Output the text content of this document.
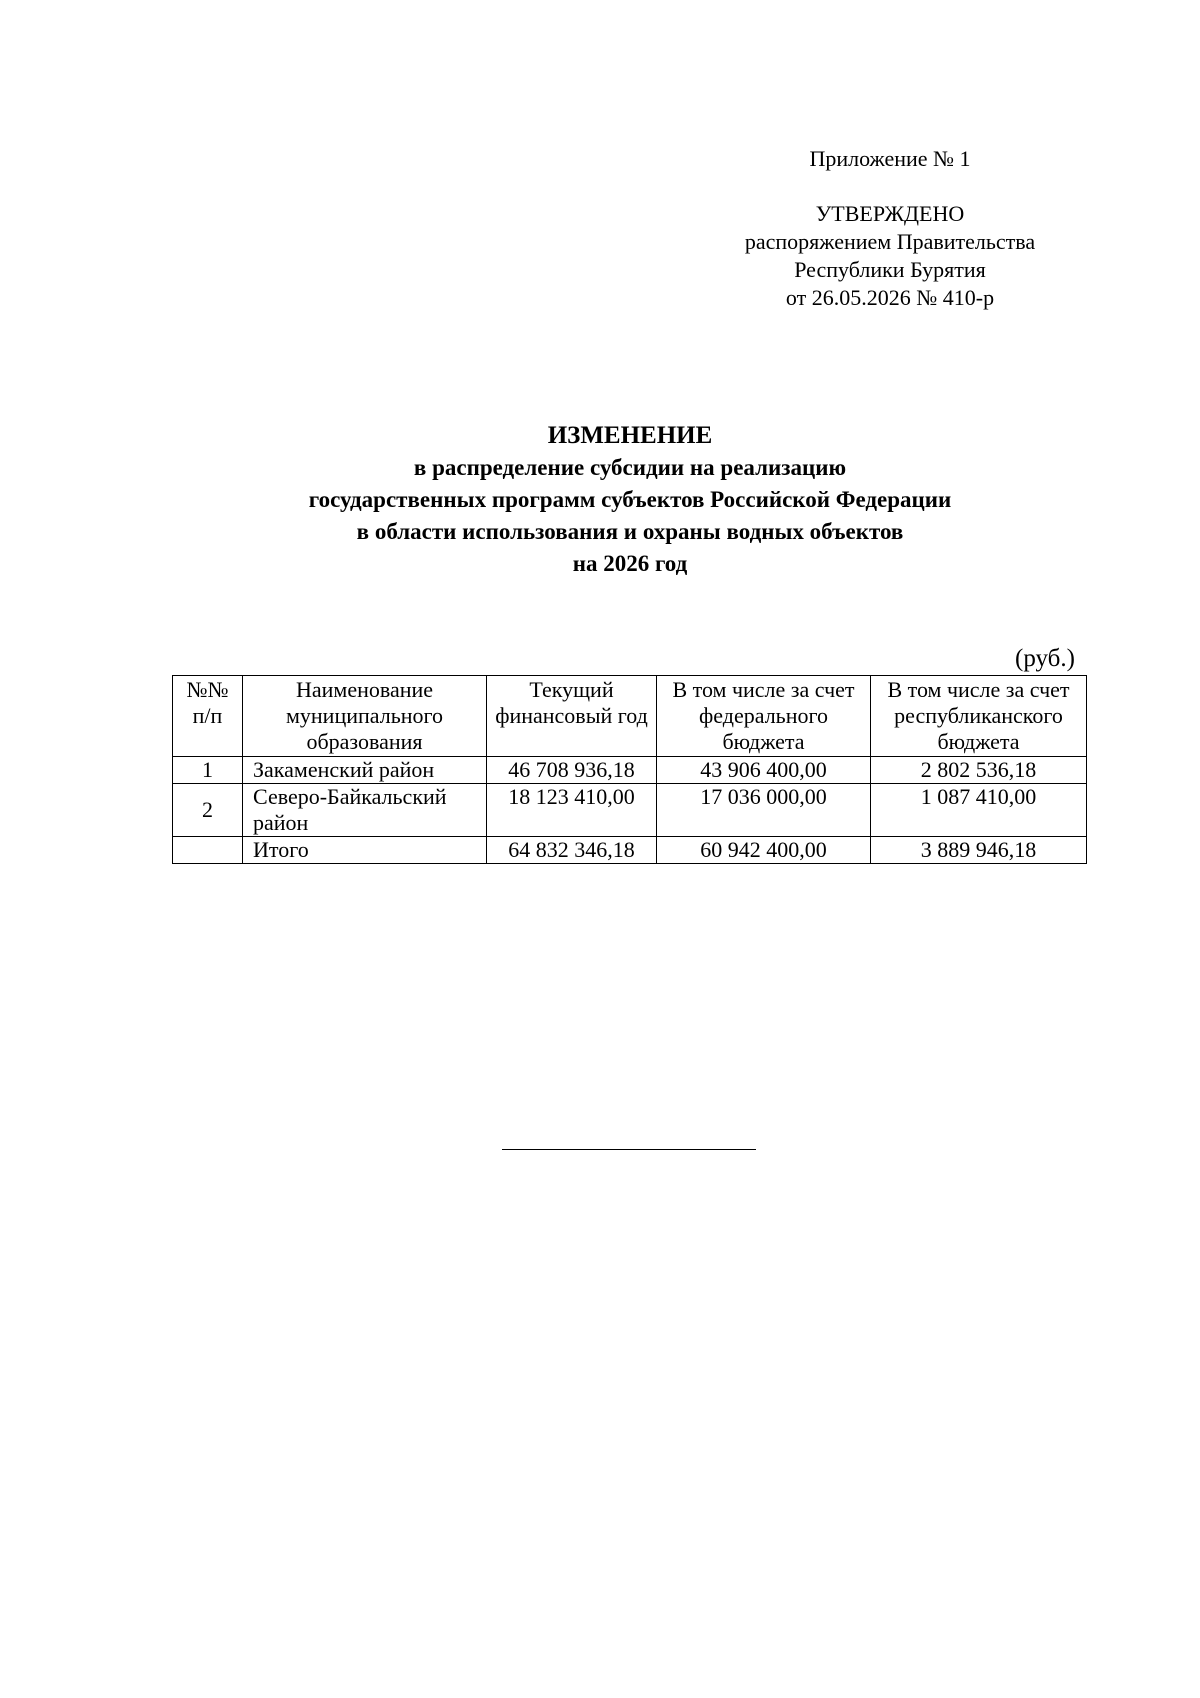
Приложение № 1
УТВЕРЖДЕНО
распоряжением Правительства
Республики Бурятия
от 26.05.2026 № 410-р
ИЗМЕНЕНИЕ
в распределение субсидии на реализацию
государственных программ субъектов Российской Федерации
в области использования и охраны водных объектов
на 2026 год
(руб.)
№№ п/п	Наименование муниципального образования	Текущий финансовый год	В том числе за счет федерального бюджета	В том числе за счет республиканского бюджета
1	Закаменский район	46 708 936,18	43 906 400,00	2 802 536,18
2	Северо-Байкальский район	18 123 410,00	17 036 000,00	1 087 410,00
	Итого	64 832 346,18	60 942 400,00	3 889 946,18
